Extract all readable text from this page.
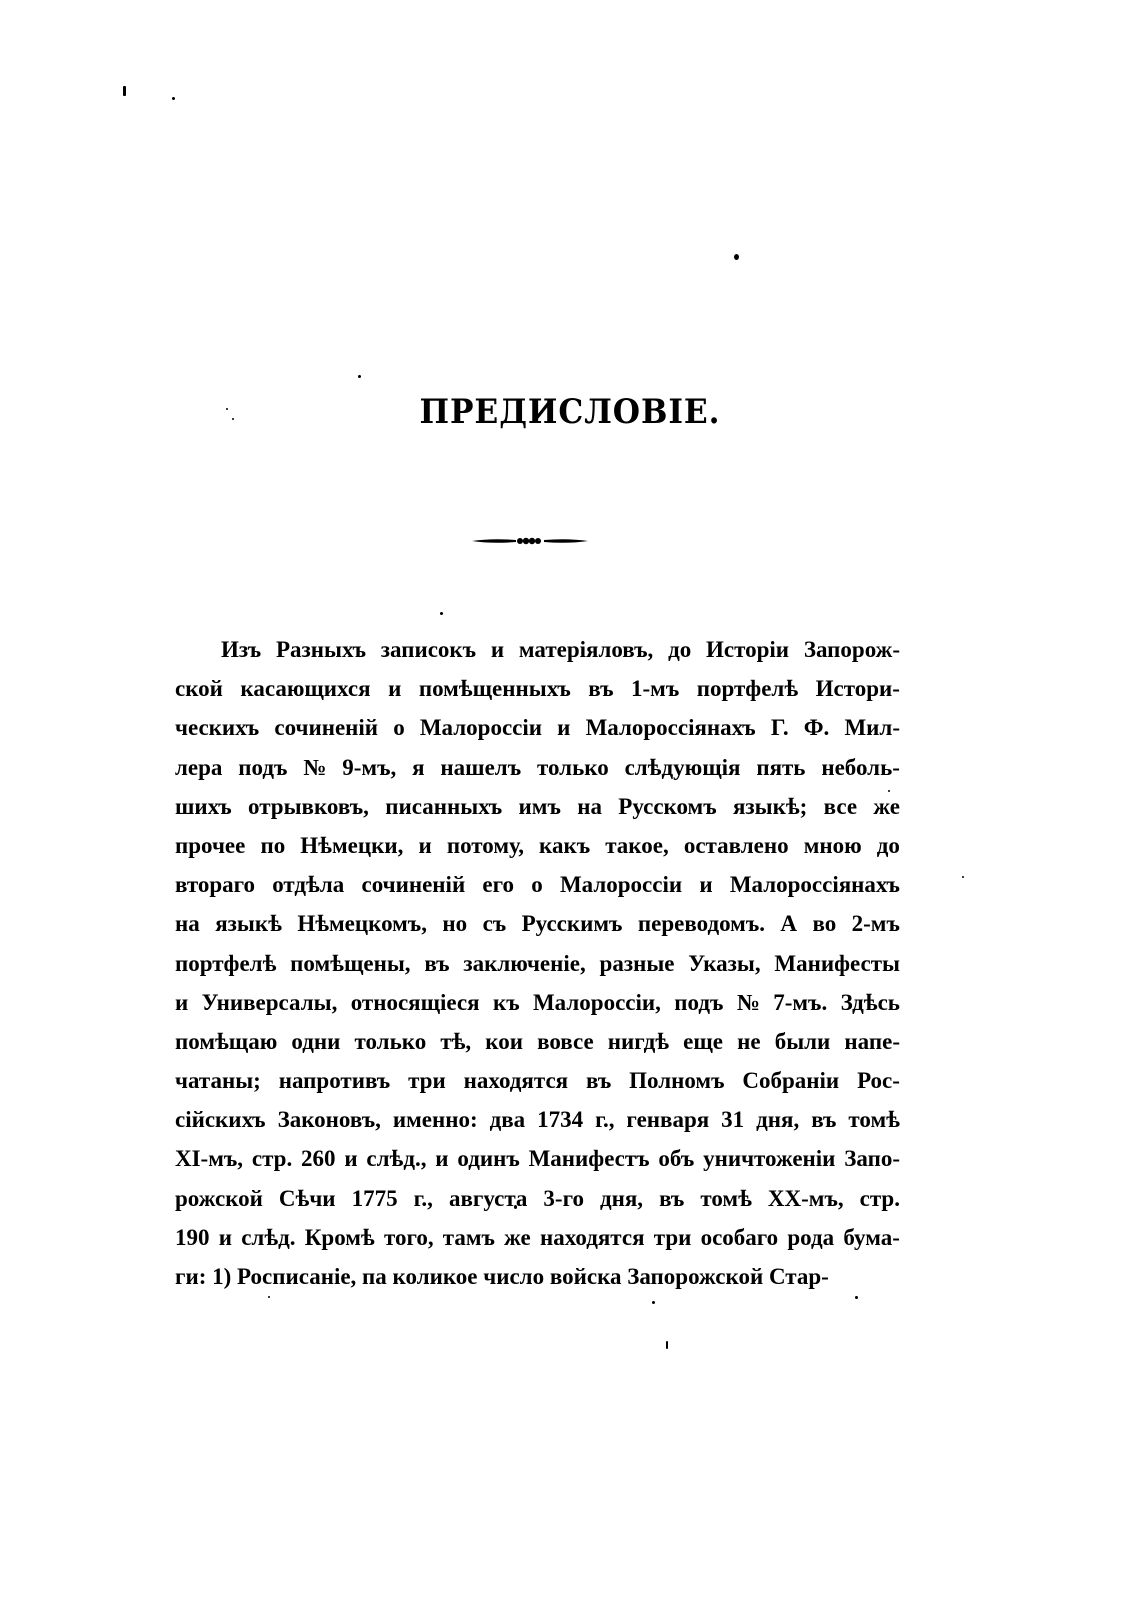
ПРЕДИСЛОВІЕ.
Изъ Разныхъ записокъ и матеріяловъ, до Исторіи Запорож-
ской касающихся и помѣщенныхъ въ 1-мъ портфелѣ Истори-
ческихъ сочиненій о Малороссіи и Малороссіянахъ Г. Ф. Мил-
лера подъ № 9-мъ, я нашелъ только слѣдующія пять неболь-
шихъ отрывковъ, писанныхъ имъ на Русскомъ языкѣ; все же
прочее по Нѣмецки, и потому, какъ такое, оставлено мною до
втораго отдѣла сочиненій его о Малороссіи и Малороссіянахъ
на языкѣ Нѣмецкомъ, но съ Русскимъ переводомъ. А во 2-мъ
портфелѣ помѣщены, въ заключеніе, разные Указы, Манифесты
и Универсалы, относящіеся къ Малороссіи, подъ № 7-мъ. Здѣсь
помѣщаю одни только тѣ, кои вовсе нигдѣ еще не были напе-
чатаны; напротивъ три находятся въ Полномъ Собраніи Рос-
сійскихъ Законовъ, именно: два 1734 г., генваря 31 дня, въ томѣ
XI-мъ, стр. 260 и слѣд., и одинъ Манифестъ объ уничтоженіи Запо-
рожской Сѣчи 1775 г., августа 3-го дня, въ томѣ XX-мъ, стр.
190 и слѣд. Кромѣ того, тамъ же находятся три особаго рода бума-
ги: 1) Росписаніе, па коликое число войска Запорожской Стар-
